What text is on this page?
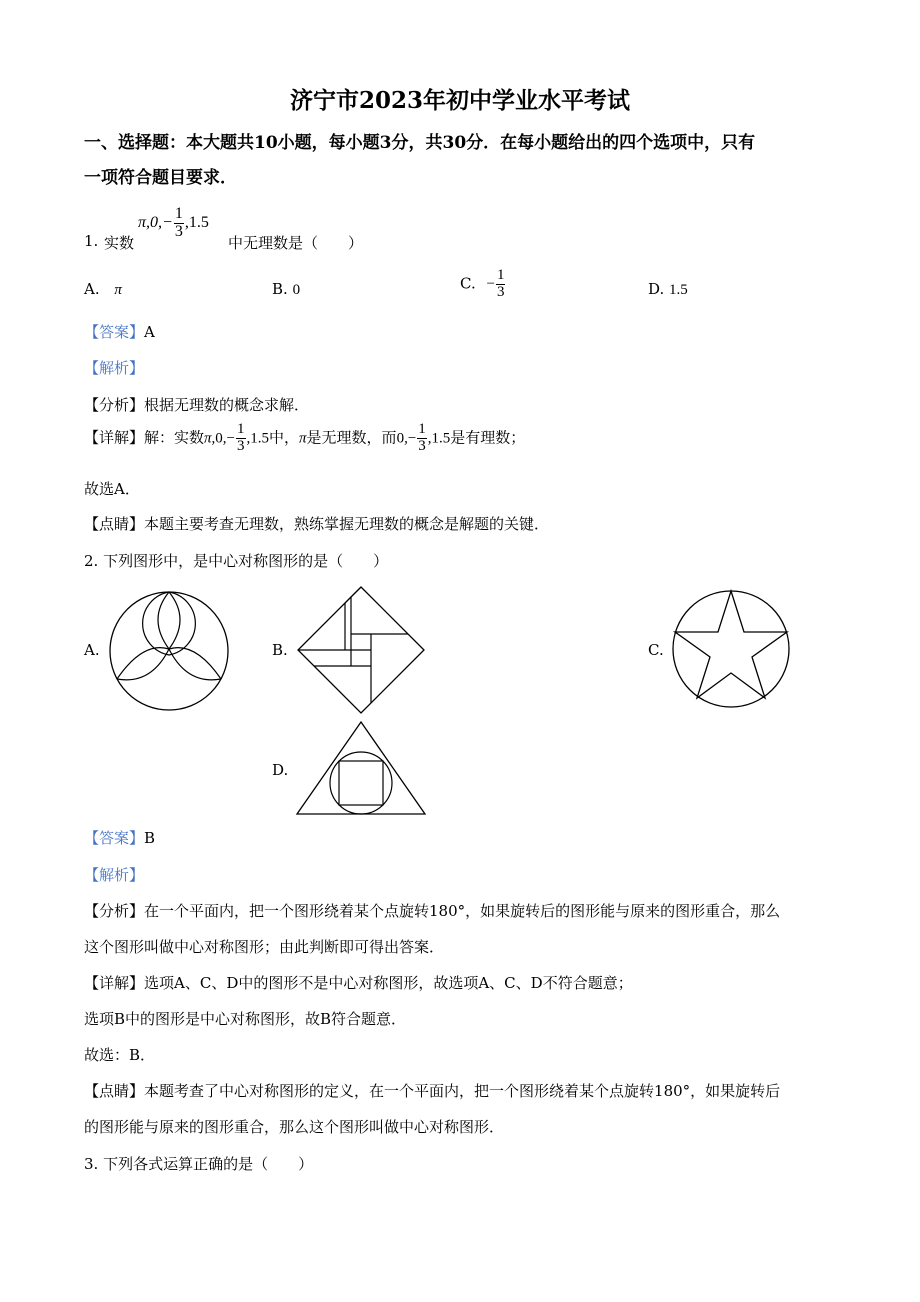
济宁市2023年初中学业水平考试
一、选择题：本大题共10小题，每小题3分，共30分．在每小题给出的四个选项中，只有
一项符合题目要求．
1. 实数
$\pi,0,- \frac{1}{3} ,1.5$
中无理数是（　　）
A. π	B. 0	C. − $\frac{1}{3}$	D. 1.5
【答案】A
【解析】
【分析】根据无理数的概念求解．
【详解】解：实数$\pi,0,- \frac{1}{3} ,1.5$中，π是无理数，而$0,- \frac{1}{3} ,1.5$是有理数；
故选A．
【点睛】本题主要考查无理数，熟练掌握无理数的概念是解题的关键．
2. 下列图形中，是中心对称图形的是（　　）
A.	B.	C.
D.
【答案】B
【解析】
【分析】在一个平面内，把一个图形绕着某个点旋转180°，如果旋转后的图形能与原来的图形重合，那么
这个图形叫做中心对称图形；由此判断即可得出答案．
【详解】选项A、C、D中的图形不是中心对称图形，故选项A、C、D不符合题意；
选项B中的图形是中心对称图形，故B符合题意．
故选：B．
【点睛】本题考查了中心对称图形的定义，在一个平面内，把一个图形绕着某个点旋转180°，如果旋转后
的图形能与原来的图形重合，那么这个图形叫做中心对称图形．
3. 下列各式运算正确的是（　　）
